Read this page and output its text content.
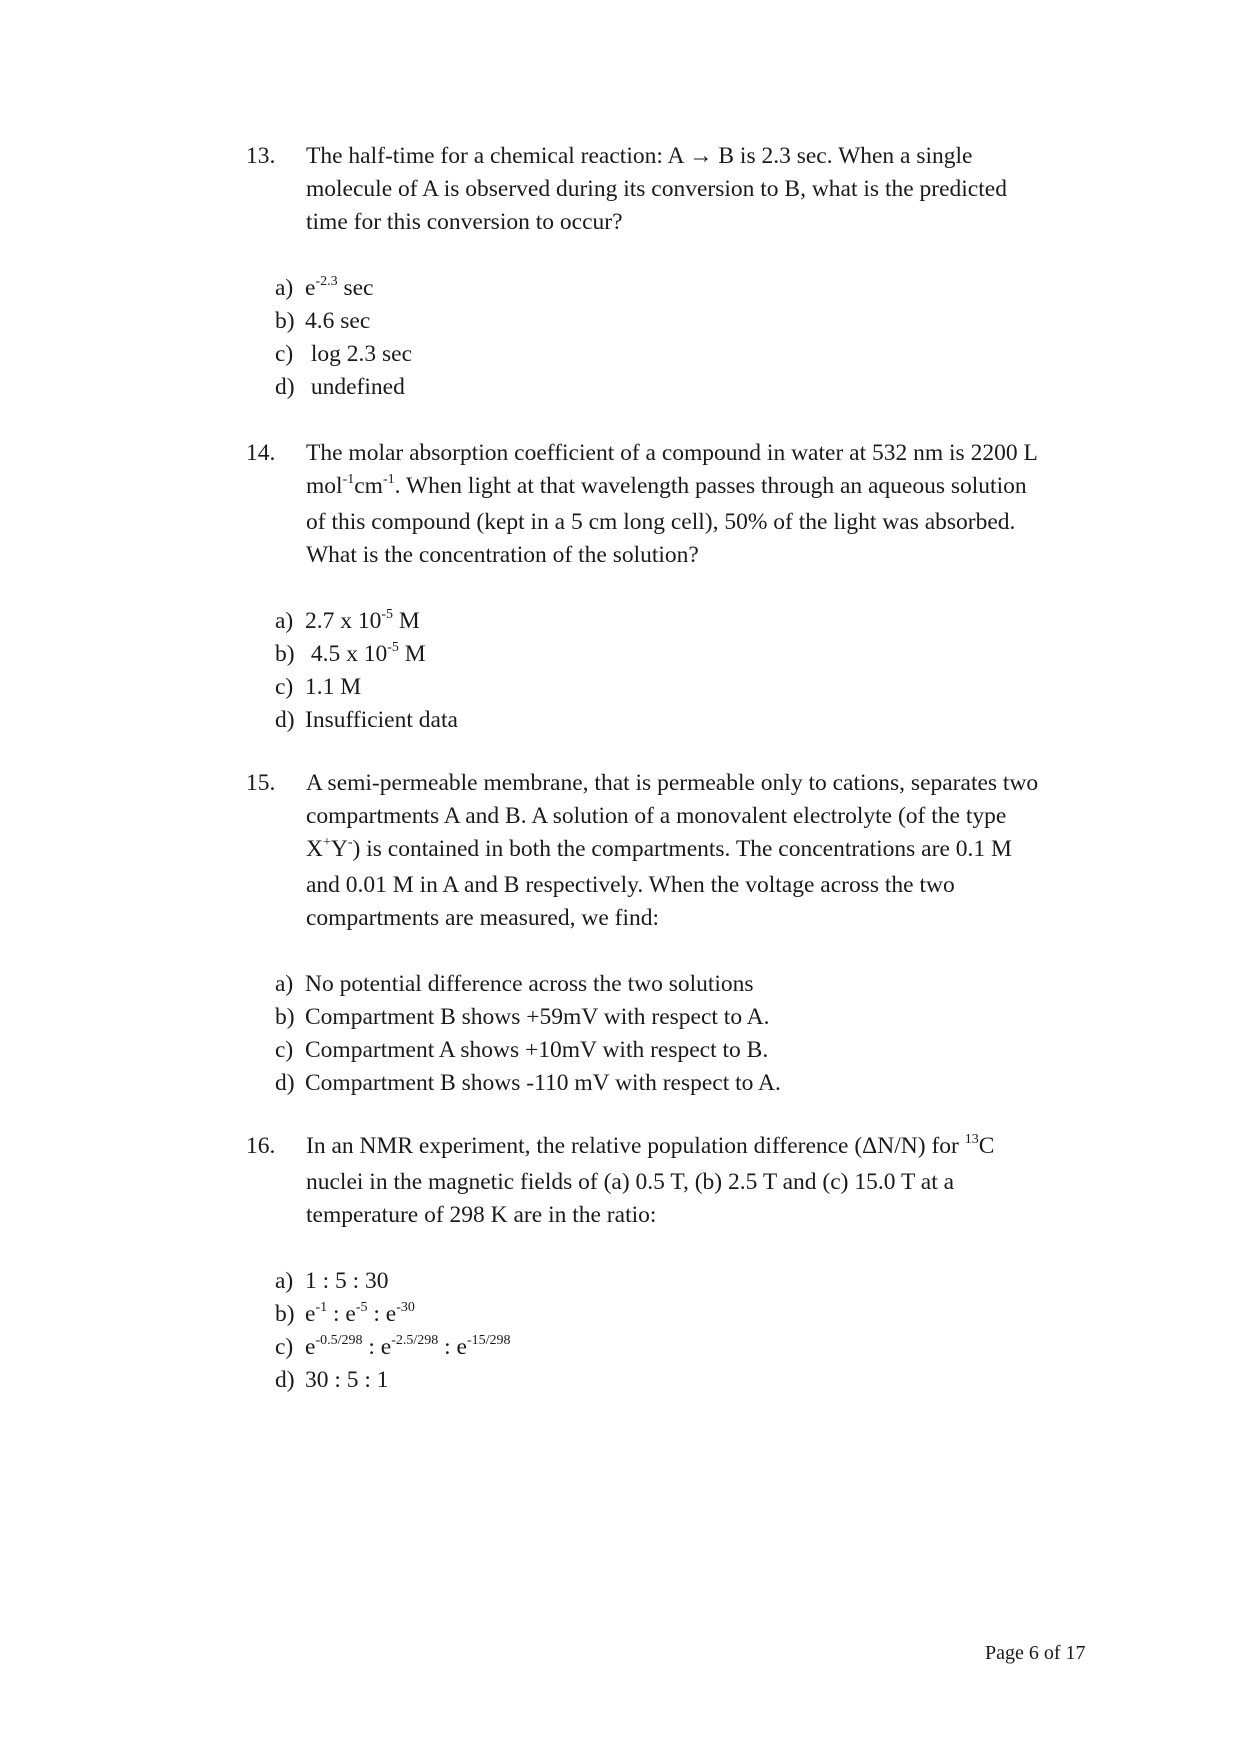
13. The half-time for a chemical reaction: A → B is 2.3 sec. When a single
molecule of A is observed during its conversion to B, what is the predicted
time for this conversion to occur?
a) $e^{-2.3}$ sec
b) 4.6 sec
c) log 2.3 sec
d) undefined
14. The molar absorption coefficient of a compound in water at 532 nm is 2200 L
$mol^{-1}cm^{-1}$. When light at that wavelength passes through an aqueous solution
of this compound (kept in a 5 cm long cell), 50% of the light was absorbed.
What is the concentration of the solution?
a) 2.7 x $10^{-5}$ M
b) 4.5 x $10^{-5}$ M
c) 1.1 M
d) Insufficient data
15. A semi-permeable membrane, that is permeable only to cations, separates two
compartments A and B. A solution of a monovalent electrolyte (of the type
X+Y-) is contained in both the compartments. The concentrations are 0.1 M
and 0.01 M in A and B respectively. When the voltage across the two
compartments are measured, we find:
a) No potential difference across the two solutions
b) Compartment B shows +59mV with respect to A.
c) Compartment A shows +10mV with respect to B.
d) Compartment B shows -110 mV with respect to A.
16. In an NMR experiment, the relative population difference (ΔN/N) for $^{13}$C
nuclei in the magnetic fields of (a) 0.5 T, (b) 2.5 T and (c) 15.0 T at a
temperature of 298 K are in the ratio:
a) 1 : 5 : 30
b) $e^{-1}$ : $e^{-5}$ : $e^{-30}$
c) $e^{-0.5/298}$ : $e^{-2.5/298}$ : $e^{-15/298}$
d) 30 : 5 : 1
Page 6 of 17
